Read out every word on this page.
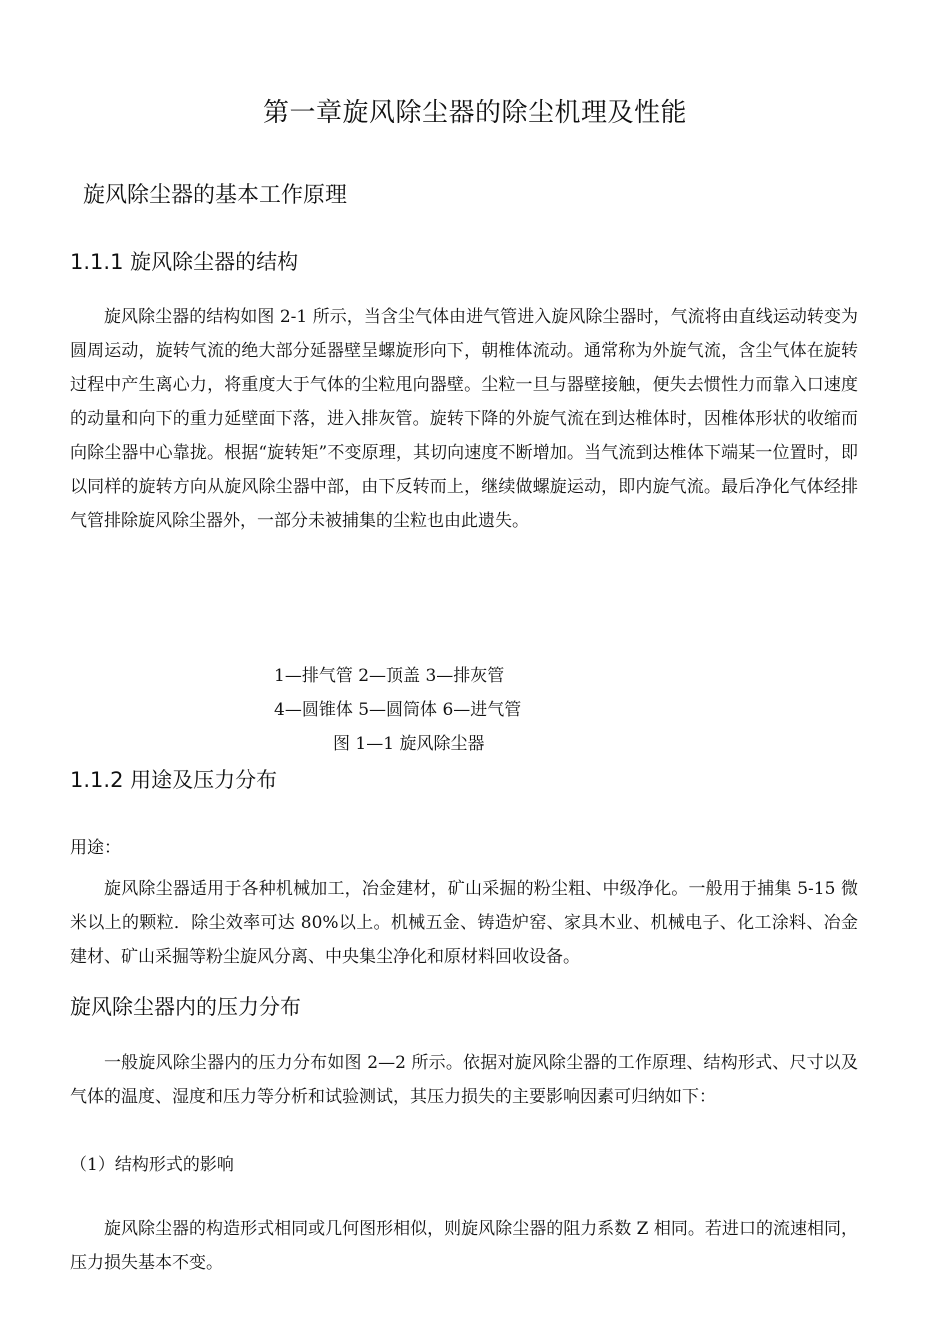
第一章旋风除尘器的除尘机理及性能
旋风除尘器的基本工作原理
1.1.1 旋风除尘器的结构

旋风除尘器的结构如图 2-1 所示，当含尘气体由进气管进入旋风除尘器时，气流将由直线运动转变为圆周运动，旋转气流的绝大部分延器壁呈螺旋形向下，朝椎体流动。通常称为外旋气流，含尘气体在旋转过程中产生离心力，将重度大于气体的尘粒甩向器壁。尘粒一旦与器壁接触，便失去惯性力而靠入口速度的动量和向下的重力延壁面下落，进入排灰管。旋转下降的外旋气流在到达椎体时，因椎体形状的收缩而向除尘器中心靠拢。根据“旋转矩”不变原理，其切向速度不断增加。当气流到达椎体下端某一位置时，即以同样的旋转方向从旋风除尘器中部，由下反转而上，继续做螺旋运动，即内旋气流。最后净化气体经排气管排除旋风除尘器外，一部分未被捕集的尘粒也由此遗失。

1—排气管 2—顶盖 3—排灰管
4—圆锥体 5—圆筒体 6—进气管
图 1—1 旋风除尘器
1.1.2 用途及压力分布
用途：

旋风除尘器适用于各种机械加工，冶金建材，矿山采掘的粉尘粗、中级净化。一般用于捕集 5-15 微米以上的颗粒．除尘效率可达 80%以上。机械五金、铸造炉窑、家具木业、机械电子、化工涂料、冶金建材、矿山采掘等粉尘旋风分离、中央集尘净化和原材料回收设备。

旋风除尘器内的压力分布

一般旋风除尘器内的压力分布如图 2—2 所示。依据对旋风除尘器的工作原理、结构形式、尺寸以及气体的温度、湿度和压力等分析和试验测试，其压力损失的主要影响因素可归纳如下：

（1）结构形式的影响

旋风除尘器的构造形式相同或几何图形相似，则旋风除尘器的阻力系数 Z 相同。若进口的流速相同，压力损失基本不变。
